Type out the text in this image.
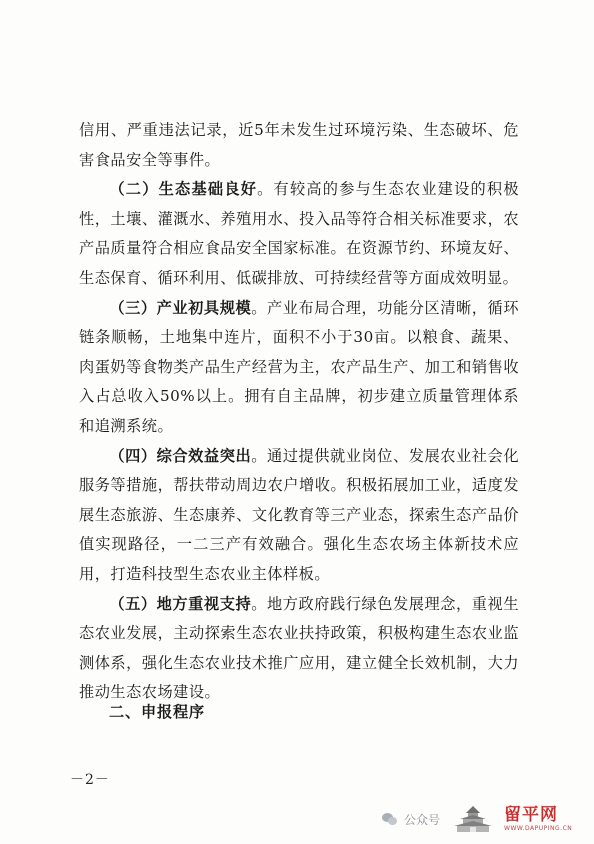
信用、严重违法记录，近5年未发生过环境污染、生态破坏、危害食品安全等事件。

（二）生态基础良好。有较高的参与生态农业建设的积极性，土壤、灌溉水、养殖用水、投入品等符合相关标准要求，农产品质量符合相应食品安全国家标准。在资源节约、环境友好、生态保育、循环利用、低碳排放、可持续经营等方面成效明显。

（三）产业初具规模。产业布局合理，功能分区清晰，循环链条顺畅，土地集中连片，面积不小于30亩。以粮食、蔬果、肉蛋奶等食物类产品生产经营为主，农产品生产、加工和销售收入占总收入50%以上。拥有自主品牌，初步建立质量管理体系和追溯系统。

（四）综合效益突出。通过提供就业岗位、发展农业社会化服务等措施，帮扶带动周边农户增收。积极拓展加工业，适度发展生态旅游、生态康养、文化教育等三产业态，探索生态产品价值实现路径，一二三产有效融合。强化生态农场主体新技术应用，打造科技型生态农业主体样板。

（五）地方重视支持。地方政府践行绿色发展理念，重视生态农业发展，主动探索生态农业扶持政策，积极构建生态农业监测体系，强化生态农业技术推广应用，建立健全长效机制，大力推动生态农场建设。

二、申报程序
－2－
公众号	留平网
WWW.DAPUPING.CN
